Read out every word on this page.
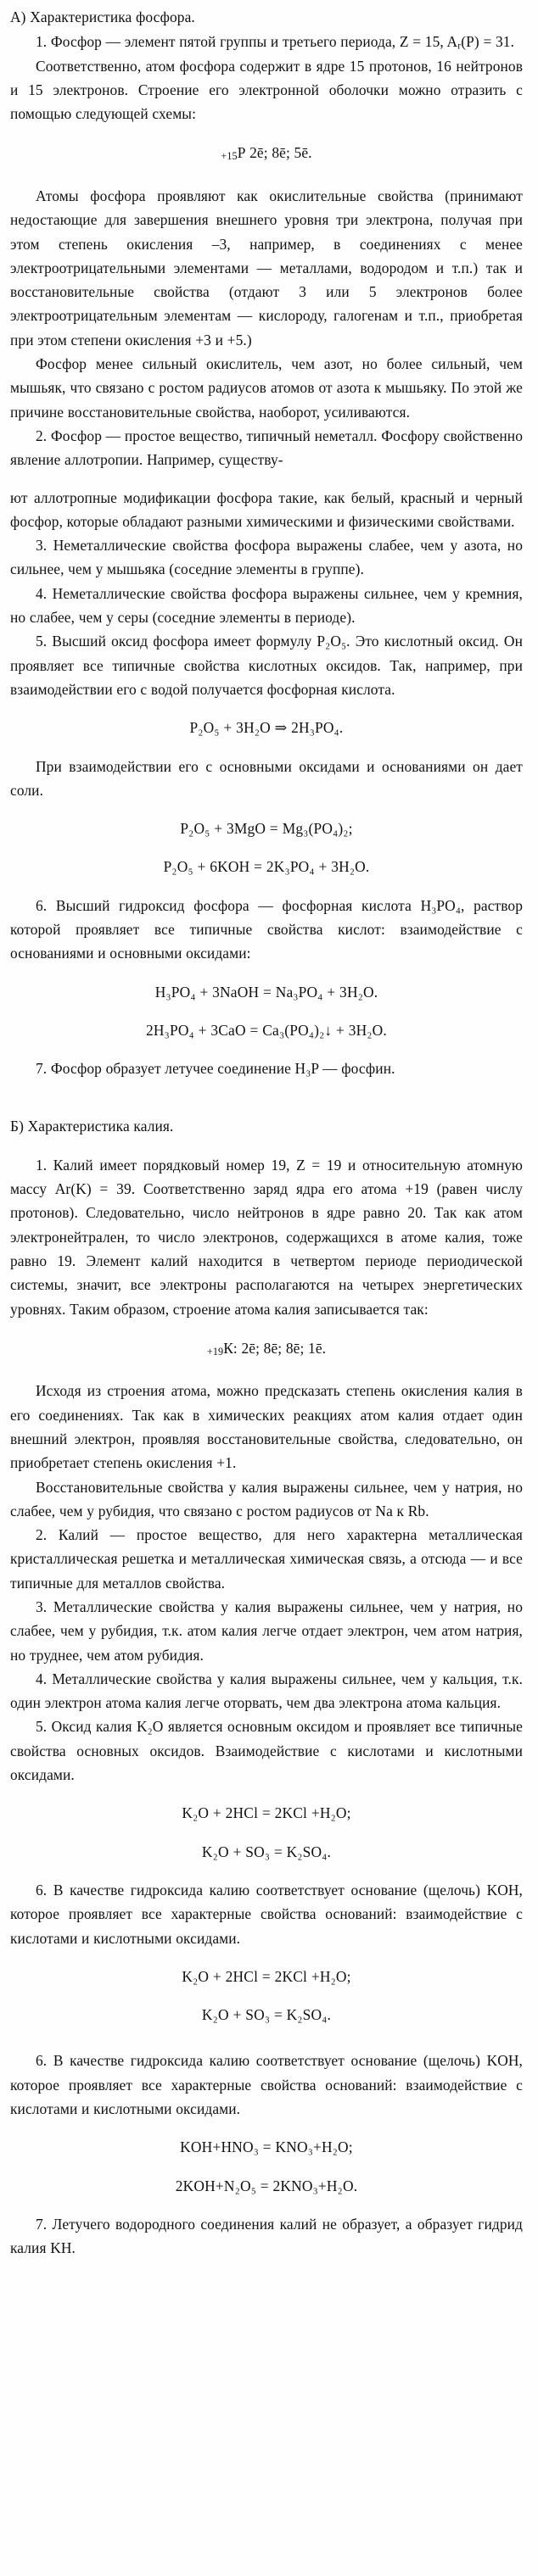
А) Характеристика фосфора.

1. Фосфор — элемент пятой группы и третьего периода, Z = 15, $A_r(P) = 31$.

Соответственно, атом фосфора содержит в ядре 15 протонов, 16 нейтронов и 15 электронов. Строение его электронной оболочки можно отразить с помощью следующей схемы:

+15Р 2ē; 8ē; 5ē.

Атомы фосфора проявляют как окислительные свойства (принимают недостающие для завершения внешнего уровня три электрона, получая при этом степень окисления –3, например, в соединениях с менее электроотрицательными элементами — металлами, водородом и т.п.) так и восстановительные свойства (отдают 3 или 5 электронов более электроотрицательным элементам — кислороду, галогенам и т.п., приобретая при этом степени окисления +3 и +5.)

Фосфор менее сильный окислитель, чем азот, но более сильный, чем мышьяк, что связано с ростом радиусов атомов от азота к мышьяку. По этой же причине восстановительные свойства, наоборот, усиливаются.

2. Фосфор — простое вещество, типичный неметалл. Фосфору свойственно явление аллотропии. Например, существу-

ют аллотропные модификации фосфора такие, как белый, красный и черный фосфор, которые обладают разными химическими и физическими свойствами.

3. Неметаллические свойства фосфора выражены слабее, чем у азота, но сильнее, чем у мышьяка (соседние элементы в группе).

4. Неметаллические свойства фосфора выражены сильнее, чем у кремния, но слабее, чем у серы (соседние элементы в периоде).

5. Высший оксид фосфора имеет формулу P₂O₅. Это кислотный оксид. Он проявляет все типичные свойства кислотных оксидов. Так, например, при взаимодействии его с водой получается фосфорная кислота.

P₂O₅ + 3H₂O ⇒ 2H₃PO₄.

При взаимодействии его с основными оксидами и основаниями он дает соли.

P₂O₅ + 3MgO = Mg₃(PO₄)₂;

P₂O₅ + 6KOH = 2K₃PO₄ + 3H₂O.

6. Высший гидроксид фосфора — фосфорная кислота H₃PO₄, раствор которой проявляет все типичные свойства кислот: взаимодействие с основаниями и основными оксидами:

H₃PO₄ + 3NaOH = Na₃PO₄ + 3H₂O.

2H₃PO₄ + 3CaO = Ca₃(PO₄)₂↓ + 3H₂O.

7. Фосфор образует летучее соединение H₃P — фосфин.

Б) Характеристика калия.

1. Калий имеет порядковый номер 19, Z = 19 и относительную атомную массу Ar(K) = 39. Соответственно заряд ядра его атома +19 (равен числу протонов). Следовательно, число нейтронов в ядре равно 20. Так как атом электронейтрален, то число электронов, содержащихся в атоме калия, тоже равно 19. Элемент калий находится в четвертом периоде периодической системы, значит, все электроны располагаются на четырех энергетических уровнях. Таким образом, строение атома калия записывается так:

+19К: 2ē; 8ē; 8ē; 1ē.

Исходя из строения атома, можно предсказать степень окисления калия в его соединениях. Так как в химических реакциях атом калия отдает один внешний электрон, проявляя восстановительные свойства, следовательно, он приобретает степень окисления +1.

Восстановительные свойства у калия выражены сильнее, чем у натрия, но слабее, чем у рубидия, что связано с ростом радиусов от Na к Rb.

2. Калий — простое вещество, для него характерна металлическая кристаллическая решетка и металлическая химическая связь, а отсюда — и все типичные для металлов свойства.

3. Металлические свойства у калия выражены сильнее, чем у натрия, но слабее, чем у рубидия, т.к. атом калия легче отдает электрон, чем атом натрия, но труднее, чем атом рубидия.

4. Металлические свойства у калия выражены сильнее, чем у кальция, т.к. один электрон атома калия легче оторвать, чем два электрона атома кальция.

5. Оксид калия K₂O является основным оксидом и проявляет все типичные свойства основных оксидов. Взаимодействие с кислотами и кислотными оксидами.

K₂O + 2HCl = 2KCl +H₂O;

K₂O + SO₃ = K₂SO₄.

6. В качестве гидроксида калию соответствует основание (щелочь) KOH, которое проявляет все характерные свойства оснований: взаимодействие с кислотами и кислотными оксидами.

K₂O + 2HCl = 2KCl +H₂O;

K₂O + SO₃ = K₂SO₄.

6. В качестве гидроксида калию соответствует основание (щелочь) KOH, которое проявляет все характерные свойства оснований: взаимодействие с кислотами и кислотными оксидами.

KOH+HNO₃ = KNO₃+H₂O;

2KOH+N₂O₅ = 2KNO₃+H₂O.

7. Летучего водородного соединения калий не образует, а образует гидрид калия KH.
